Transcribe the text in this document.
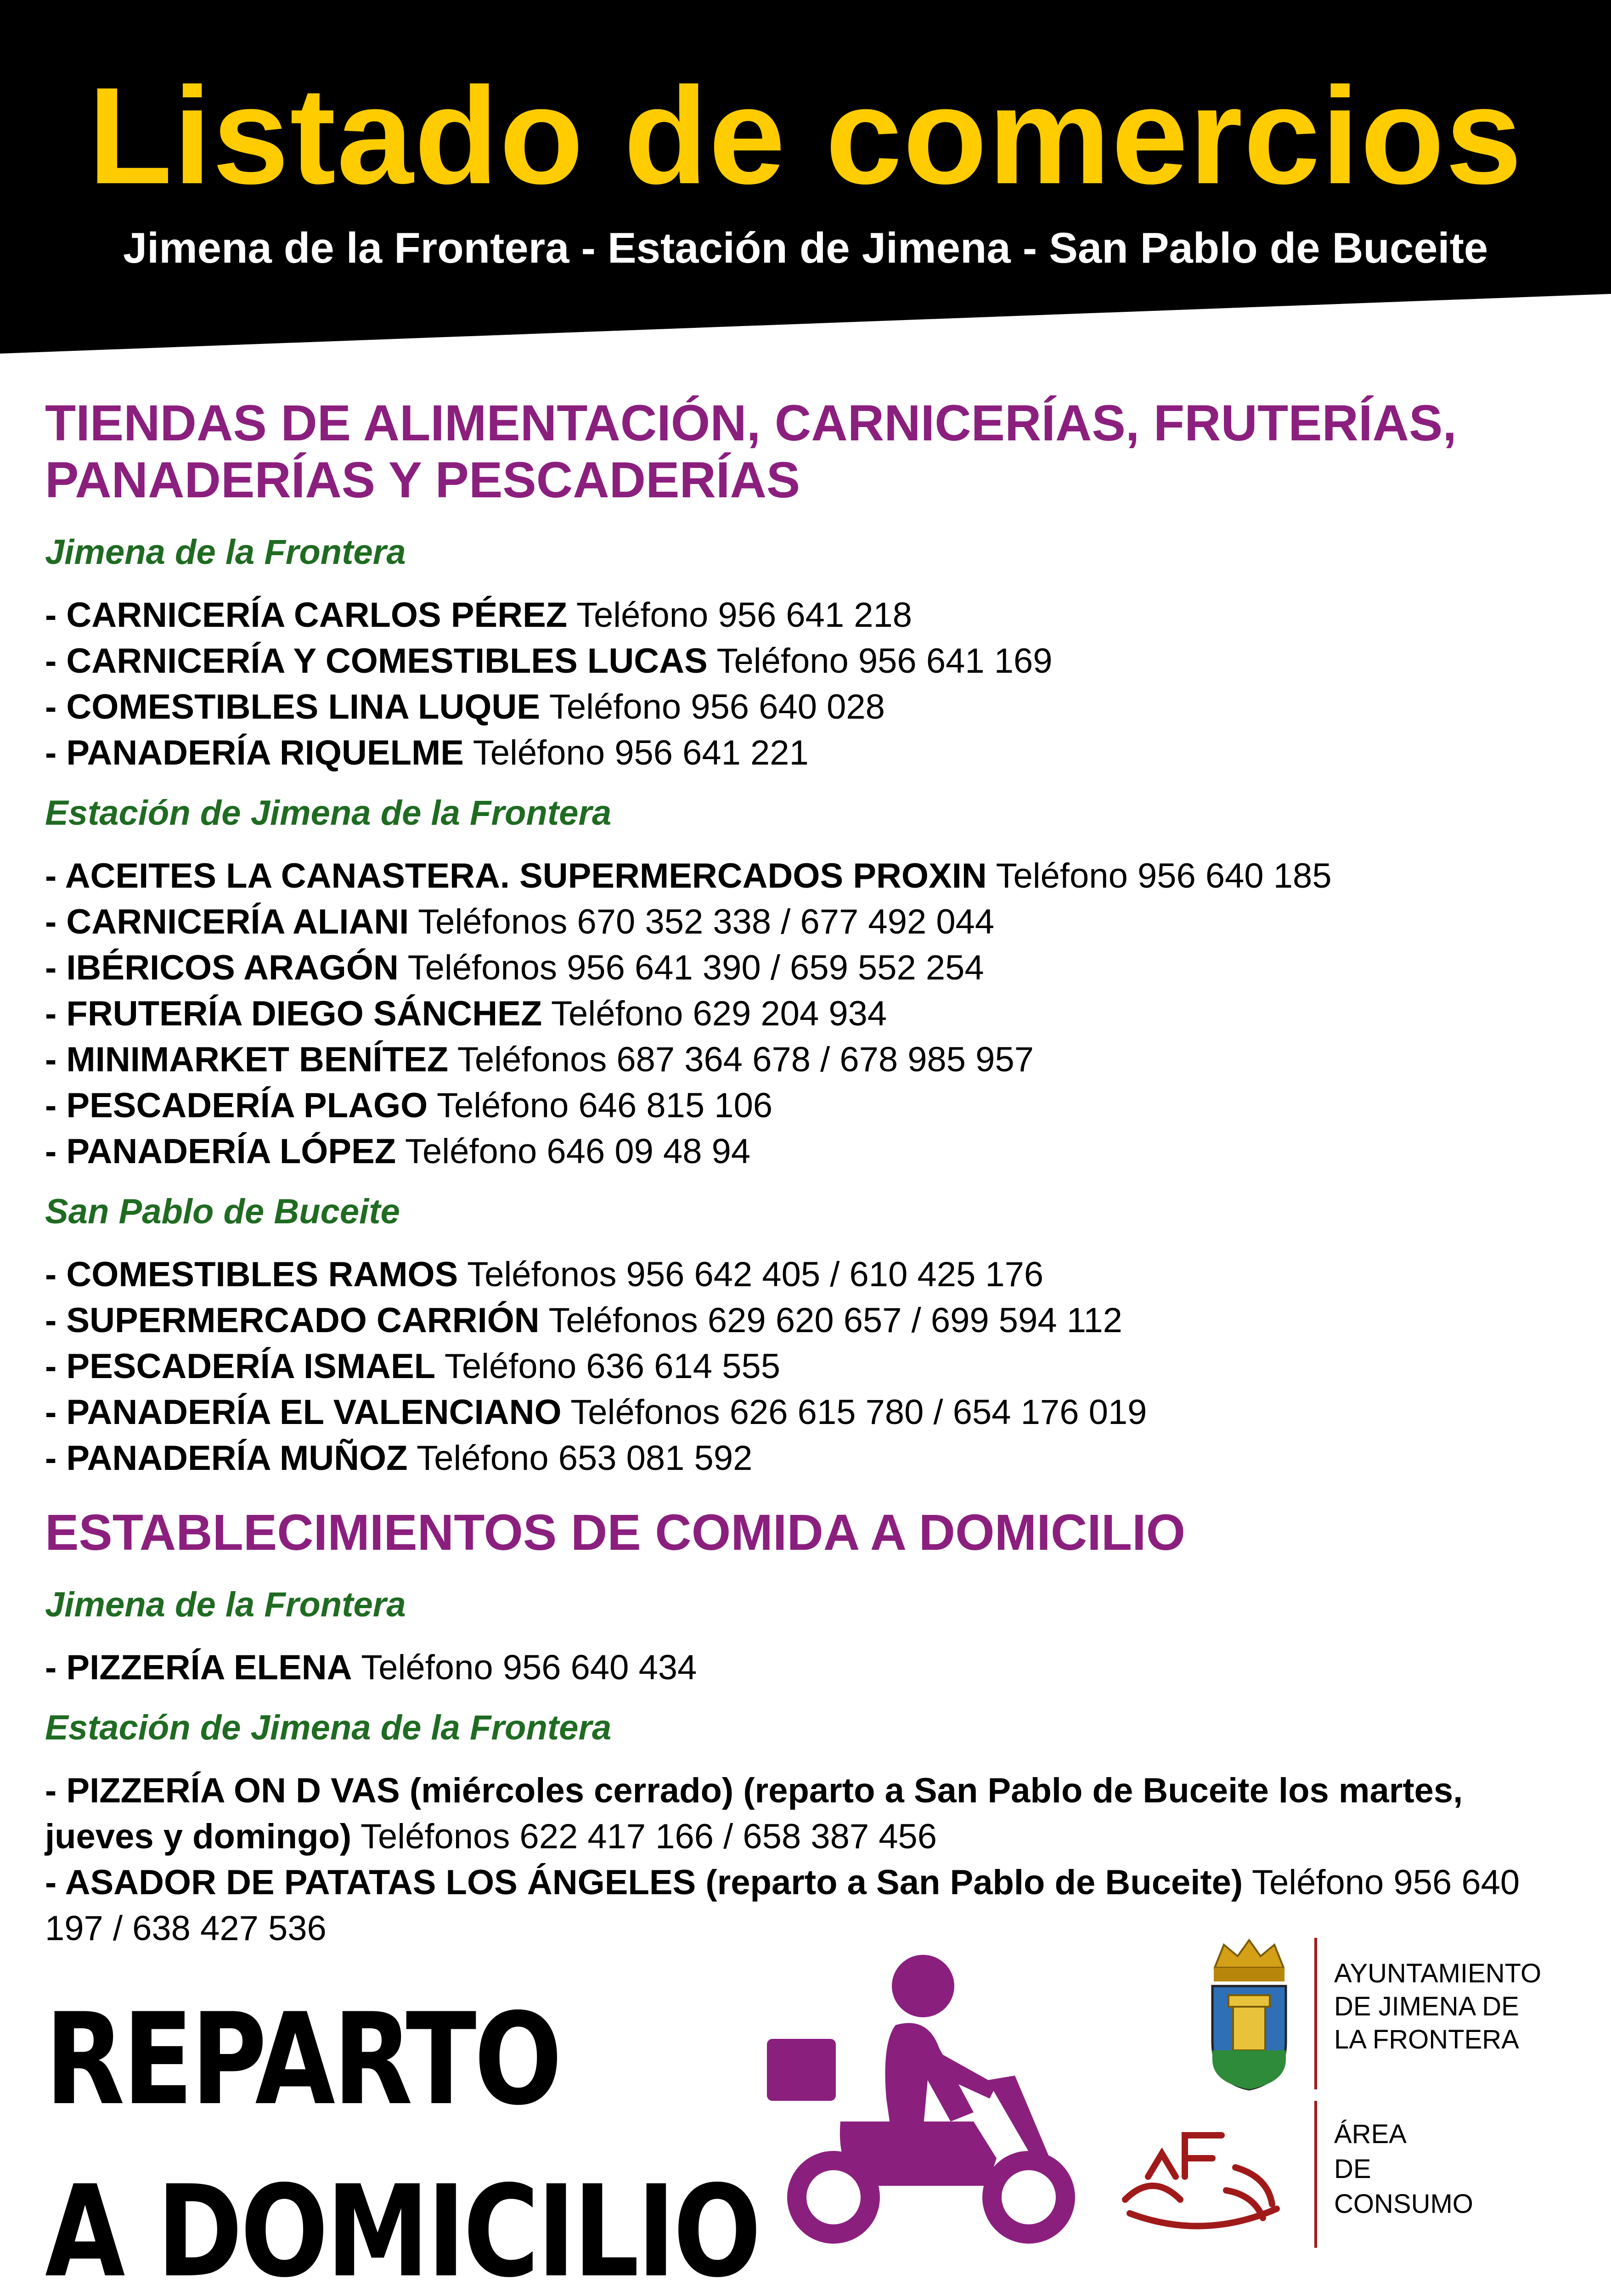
Listado de comercios
Jimena de la Frontera - Estación de Jimena - San Pablo de Buceite
TIENDAS DE ALIMENTACIÓN, CARNICERÍAS, FRUTERÍAS,
PANADERÍAS Y PESCADERÍAS
Jimena de la Frontera
- CARNICERÍA CARLOS PÉREZ Teléfono 956 641 218
- CARNICERÍA Y COMESTIBLES LUCAS Teléfono 956 641 169
- COMESTIBLES LINA LUQUE Teléfono 956 640 028
- PANADERÍA RIQUELME Teléfono 956 641 221
Estación de Jimena de la Frontera
- ACEITES LA CANASTERA. SUPERMERCADOS PROXIN Teléfono 956 640 185
- CARNICERÍA ALIANI Teléfonos 670 352 338 / 677 492 044
- IBÉRICOS ARAGÓN Teléfonos 956 641 390 / 659 552 254
- FRUTERÍA DIEGO SÁNCHEZ Teléfono 629 204 934
- MINIMARKET BENÍTEZ Teléfonos 687 364 678 / 678 985 957
- PESCADERÍA PLAGO Teléfono 646 815 106
- PANADERÍA LÓPEZ Teléfono 646 09 48 94
San Pablo de Buceite
- COMESTIBLES RAMOS Teléfonos 956 642 405 / 610 425 176
- SUPERMERCADO CARRIÓN Teléfonos 629 620 657 / 699 594 112
- PESCADERÍA ISMAEL Teléfono 636 614 555
- PANADERÍA EL VALENCIANO Teléfonos 626 615 780 / 654 176 019
- PANADERÍA MUÑOZ Teléfono 653 081 592
ESTABLECIMIENTOS DE COMIDA A DOMICILIO
Jimena de la Frontera
- PIZZERÍA ELENA Teléfono 956 640 434
Estación de Jimena de la Frontera
- PIZZERÍA ON D VAS (miércoles cerrado) (reparto a San Pablo de Buceite los martes, jueves y domingo) Teléfonos 622 417 166 / 658 387 456
- ASADOR DE PATATAS LOS ÁNGELES (reparto a San Pablo de Buceite) Teléfono 956 640 197 / 638 427 536
REPARTO
A DOMICILIO
AYUNTAMIENTO
DE JIMENA DE
LA FRONTERA
ÁREA
DE
CONSUMO
